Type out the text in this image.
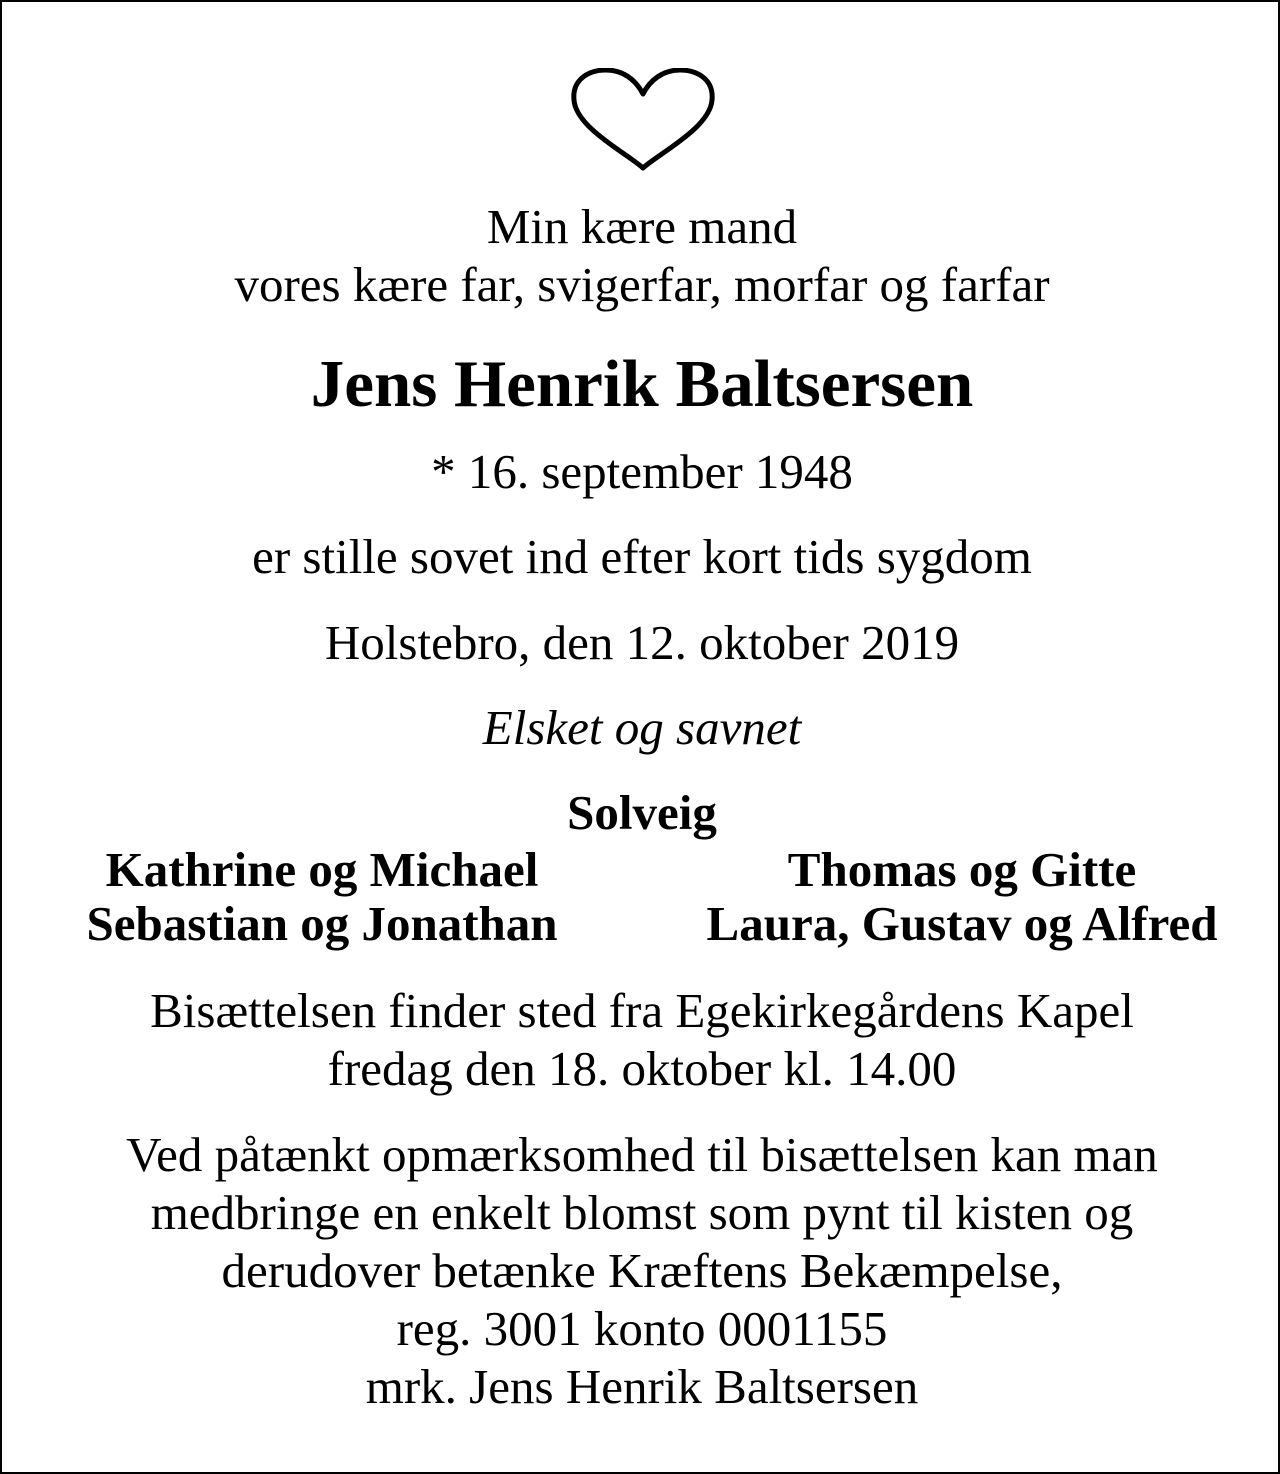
Min kære mand
vores kære far, svigerfar, morfar og farfar
Jens Henrik Baltsersen
* 16. september 1948
er stille sovet ind efter kort tids sygdom
Holstebro, den 12. oktober 2019
Elsket og savnet
Solveig
Kathrine og Michael
Sebastian og Jonathan
Thomas og Gitte
Laura, Gustav og Alfred
Bisættelsen finder sted fra Egekirkegårdens Kapel
fredag den 18. oktober kl. 14.00
Ved påtænkt opmærksomhed til bisættelsen kan man
medbringe en enkelt blomst som pynt til kisten og
derudover betænke Kræftens Bekæmpelse,
reg. 3001 konto 0001155
mrk. Jens Henrik Baltsersen
